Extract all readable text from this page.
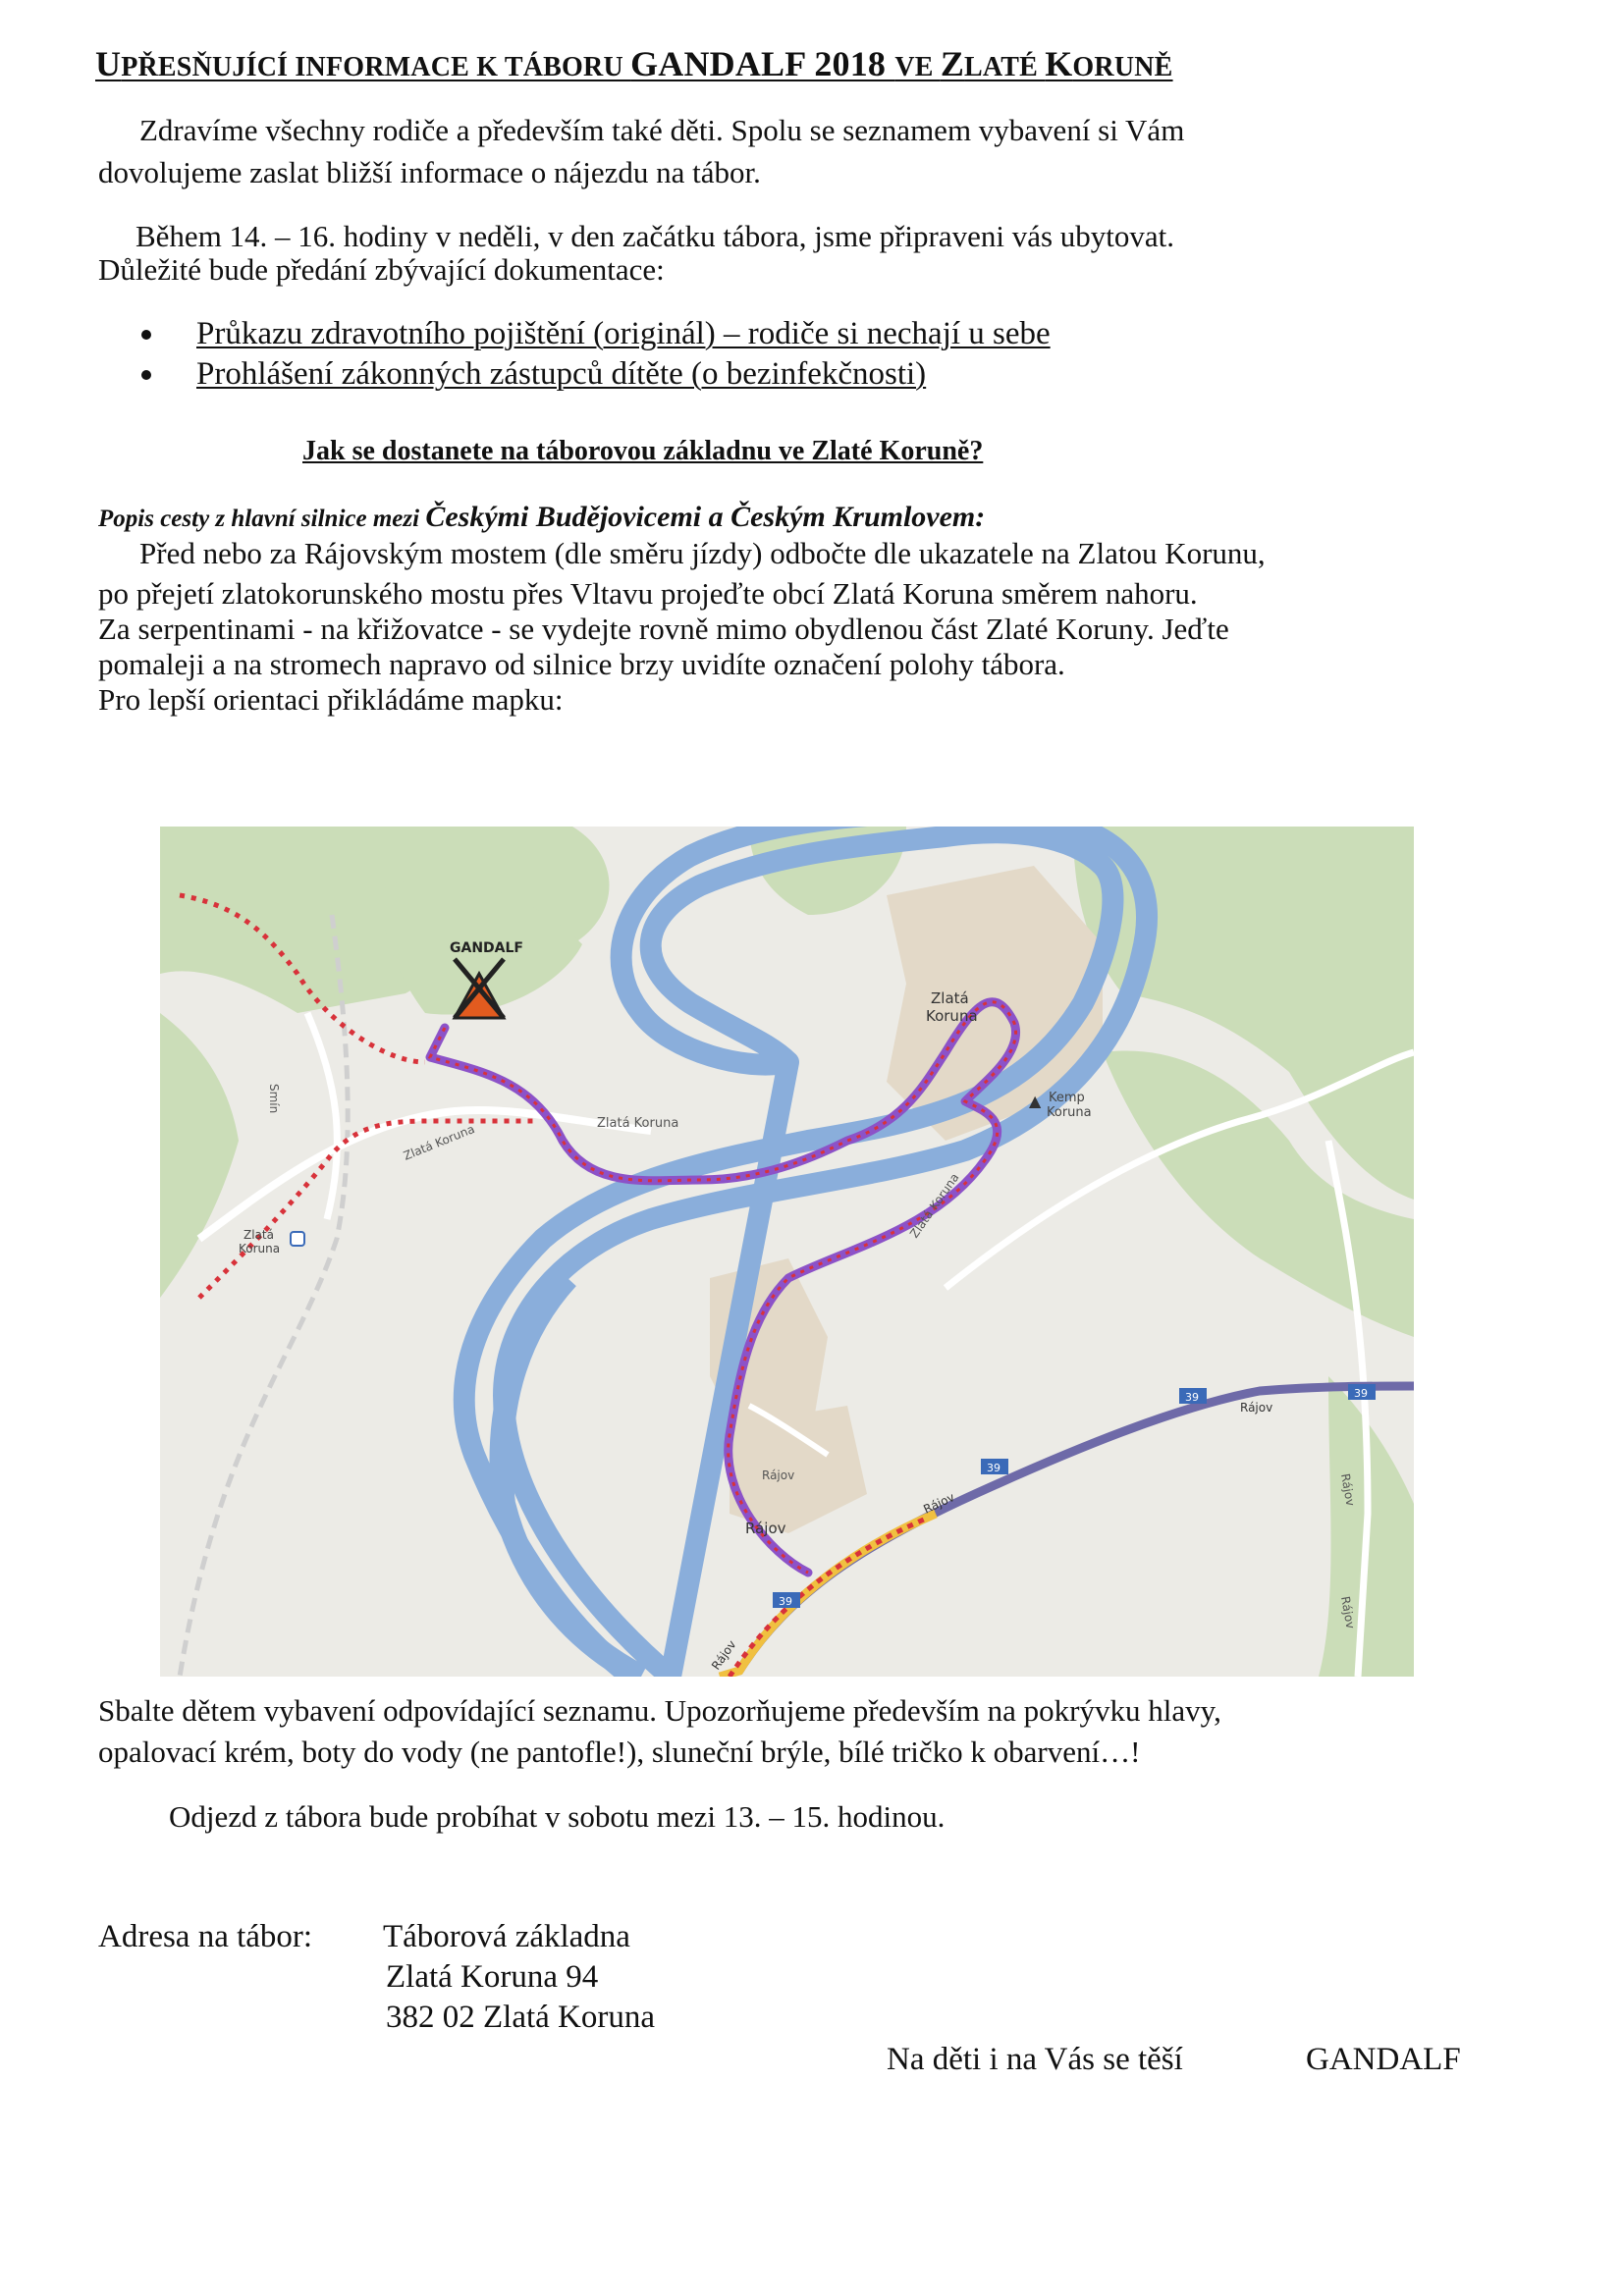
UPŘESŇUJÍCÍ INFORMACE K TÁBORU GANDALF 2018 VE ZLATÉ KORUNĚ
Zdravíme všechny rodiče a především také děti. Spolu se seznamem vybavení si Vám
dovolujeme zaslat bližší informace o nájezdu na tábor.
Během 14. – 16. hodiny v neděli, v den začátku tábora, jsme připraveni vás ubytovat.
Důležité bude předání zbývající dokumentace:
Průkazu zdravotního pojištění (originál) – rodiče si nechají u sebe
Prohlášení zákonných zástupců dítěte (o bezinfekčnosti)
Jak se dostanete na táborovou základnu ve Zlaté Koruně?
Popis cesty z hlavní silnice mezi Českými Budějovicemi a Českým Krumlovem:
Před nebo za Rájovským mostem (dle směru jízdy) odbočte dle ukazatele na Zlatou Korunu,
po přejetí zlatokorunského mostu přes Vltavu projeďte obcí Zlatá Koruna směrem nahoru.
Za serpentinami - na křižovatce - se vydejte rovně mimo obydlenou část Zlaté Koruny. Jeďte
pomaleji a na stromech napravo od silnice brzy uvidíte označení polohy tábora.
Pro lepší orientaci přikládáme mapku:
GANDALF
Zlatá
Koruna
▲ Kemp
Koruna
Zlatá Koruna
Zlatá Koruna
Zlatá Koruna
Zlatá
Koruna
Smín
Rájov
Rájov
Rájov
Rájov	Rájov
Rájov
Rájov
39	39
39
39
Sbalte dětem vybavení odpovídající seznamu. Upozorňujeme především na pokrývku hlavy,
opalovací krém, boty do vody (ne pantofle!), sluneční brýle, bílé tričko k obarvení…!
Odjezd z tábora bude probíhat v sobotu mezi 13. – 15. hodinou.
Adresa na tábor: Táborová základna
Zlatá Koruna 94
382 02 Zlatá Koruna
Na děti i na Vás se těší	GANDALF
